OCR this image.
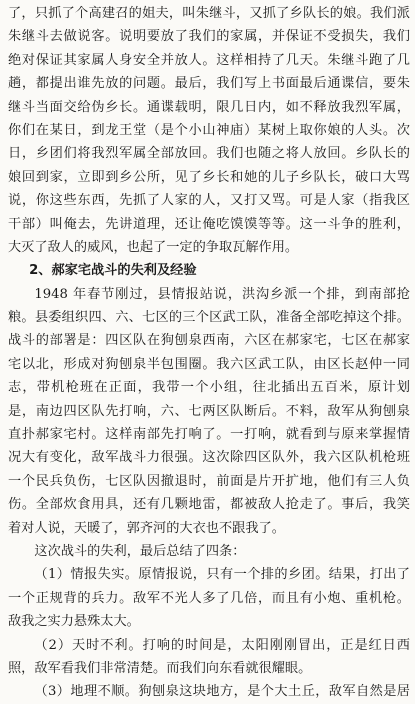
了，只抓了个高建召的姐夫，叫朱继斗，又抓了乡队长的娘。我们派
朱继斗去做说客。说明要放了我们的家属，并保证不受损失，我们
绝对保证其家属人身安全并放人。这样相持了几天。朱继斗跑了几
趟，都提出谁先放的问题。最后，我们写上书面最后通谍信，要朱
继斗当面交给伪乡长。通谍载明，限几日内，如不释放我烈军属，
你们在某日，到龙王堂（是个小山神庙）某树上取你娘的人头。次
日，乡团们将我烈军属全部放回。我们也随之将人放回。乡队长的
娘回到家，立即到乡公所，见了乡长和她的儿子乡队长，破口大骂
说，你这些东西，先抓了人家的人，又打又骂。可是人家（指我区
干部）叫俺去，先讲道理，还让俺吃馍馍等等。这一斗争的胜利，
大灭了敌人的威风，也起了一定的争取瓦解作用。
2、郝家宅战斗的失利及经验
1948 年春节刚过，县情报站说，洪沟乡派一个排，到南部抢
粮。县委组织四、六、七区的三个区武工队，准备全部吃掉这个排。
战斗的部署是：四区队在狗刨泉西南，六区在郝家宅，七区在郝家
宅以北，形成对狗刨泉半包围圈。我六区武工队，由区长赵仲一同
志，带机枪班在正面，我带一个小组，往北插出五百米，原计划
是，南边四区队先打响，六、七两区队断后。不料，敌军从狗刨泉
直扑郝家宅村。这样南部先打响了。一打响，就看到与原来掌握情
况大有变化，敌军战斗力很强。这次除四区队外，我六区队机枪班
一个民兵负伤，七区队因撤退时，前面是片开扩地，他们有三人负
伤。全部炊食用具，还有几颗地雷，都被敌人抢走了。事后，我笑
着对人说，天暖了，郭齐河的大衣也不跟我了。
这次战斗的失利，最后总结了四条：
（1）情报失实。原情报说，只有一个排的乡团。结果，打出了
一个正规背的兵力。敌军不光人多了几倍，而且有小炮、重机枪。
敌我之实力悬殊太大。
（2）天时不利。打响的时间是，太阳刚刚冒出，正是红日西
照，敌军看我们非常清楚。而我们向东看就很耀眼。
（3）地理不顺。狗刨泉这块地方，是个大土丘，敌军自然是居
